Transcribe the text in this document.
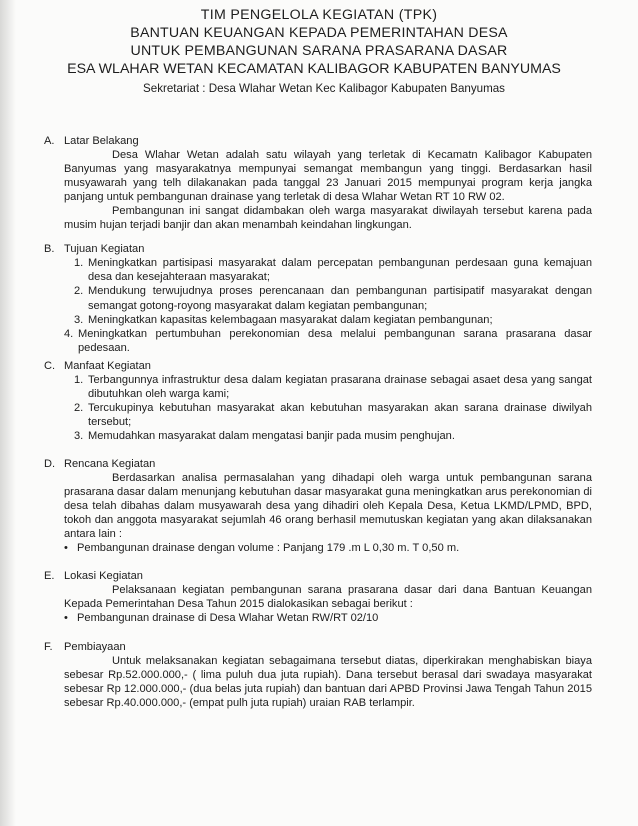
TIM PENGELOLA KEGIATAN (TPK)
BANTUAN KEUANGAN KEPADA PEMERINTAHAN DESA
UNTUK PEMBANGUNAN SARANA PRASARANA DASAR
ESA WLAHAR WETAN KECAMATAN KALIBAGOR KABUPATEN BANYUMAS
Sekretariat : Desa Wlahar Wetan Kec Kalibagor Kabupaten Banyumas
A. Latar Belakang
Desa Wlahar Wetan adalah satu wilayah yang terletak di Kecamatn Kalibagor Kabupaten Banyumas yang masyarakatnya mempunyai semangat membangun yang tinggi. Berdasarkan hasil musyawarah yang telh dilakanakan pada tanggal 23 Januari 2015 mempunyai program kerja jangka panjang untuk pembangunan drainase yang terletak di desa Wlahar Wetan RT 10 RW 02.
Pembangunan ini sangat didambakan oleh warga masyarakat diwilayah tersebut karena pada musim hujan terjadi banjir dan akan menambah keindahan lingkungan.
B. Tujuan Kegiatan
1. Meningkatkan partisipasi masyarakat dalam percepatan pembangunan perdesaan guna kemajuan desa dan kesejahteraan masyarakat;
2. Mendukung terwujudnya proses perencanaan dan pembangunan partisipatif masyarakat dengan semangat gotong-royong masyarakat dalam kegiatan pembangunan;
3. Meningkatkan kapasitas kelembagaan masyarakat dalam kegiatan pembangunan;
4. Meningkatkan pertumbuhan perekonomian desa melalui pembangunan sarana prasarana dasar pedesaan.
C. Manfaat Kegiatan
1. Terbangunnya infrastruktur desa dalam kegiatan prasarana drainase sebagai asaet desa yang sangat dibutuhkan oleh warga kami;
2. Tercukupinya kebutuhan masyarakat akan kebutuhan masyarakan akan sarana drainase diwilyah tersebut;
3. Memudahkan masyarakat dalam mengatasi banjir pada musim penghujan.
D. Rencana Kegiatan
Berdasarkan analisa permasalahan yang dihadapi oleh warga untuk pembangunan sarana prasarana dasar dalam menunjang kebutuhan dasar masyarakat guna meningkatkan arus perekonomian di desa telah dibahas dalam musyawarah desa yang dihadiri oleh Kepala Desa, Ketua LKMD/LPMD, BPD, tokoh dan anggota masyarakat sejumlah 46 orang berhasil memutuskan kegiatan yang akan dilaksanakan antara lain :
• Pembangunan drainase dengan volume : Panjang 179 .m L 0,30 m. T 0,50 m.
E. Lokasi Kegiatan
Pelaksanaan kegiatan pembangunan sarana prasarana dasar dari dana Bantuan Keuangan Kepada Pemerintahan Desa Tahun 2015 dialokasikan sebagai berikut :
• Pembangunan drainase di Desa Wlahar Wetan RW/RT 02/10
F. Pembiayaan
Untuk melaksanakan kegiatan sebagaimana tersebut diatas, diperkirakan menghabiskan biaya sebesar Rp.52.000.000,- ( lima puluh dua juta rupiah). Dana tersebut berasal dari swadaya masyarakat sebesar Rp 12.000.000,- (dua belas juta rupiah) dan bantuan dari APBD Provinsi Jawa Tengah Tahun 2015 sebesar Rp.40.000.000,- (empat pulh juta rupiah) uraian RAB terlampir.
